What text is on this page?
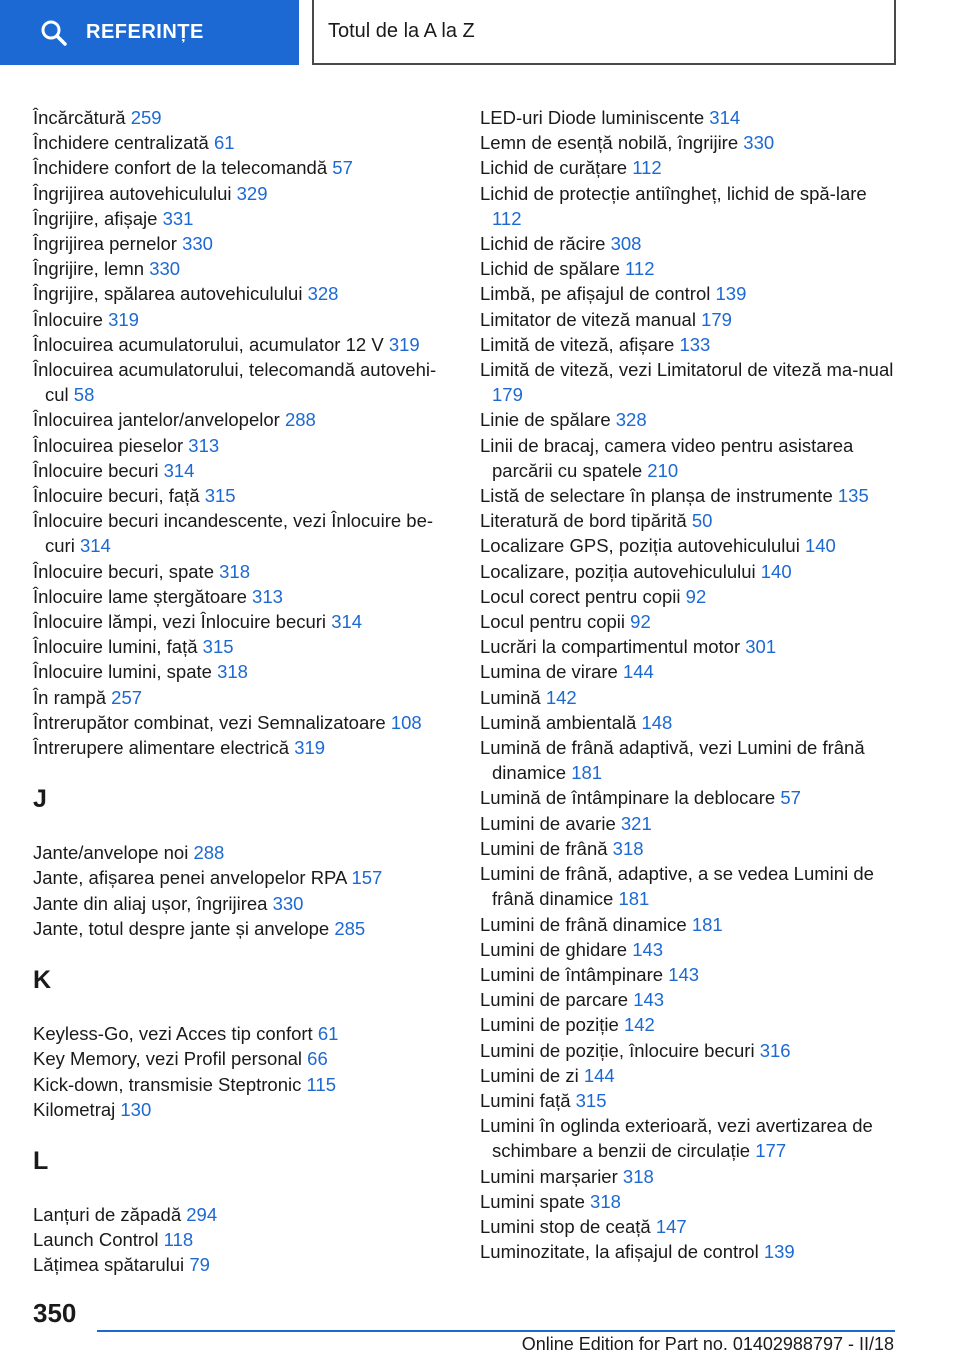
REFERINȚE	Totul de la A la Z
Încărcătură 259
Închidere centralizată 61
Închidere confort de la telecomandă 57
Îngrijirea autovehiculului 329
Îngrijire, afișaje 331
Îngrijirea pernelor 330
Îngrijire, lemn 330
Îngrijire, spălarea autovehiculului 328
Înlocuire 319
Înlocuirea acumulatorului, acumulator 12 V 319
Înlocuirea acumulatorului, telecomandă autovehi‐cul 58
Înlocuirea jantelor/anvelopelor 288
Înlocuirea pieselor 313
Înlocuire becuri 314
Înlocuire becuri, față 315
Înlocuire becuri incandescente, vezi Înlocuire be‐curi 314
Înlocuire becuri, spate 318
Înlocuire lame ștergătoare 313
Înlocuire lămpi, vezi Înlocuire becuri 314
Înlocuire lumini, față 315
Înlocuire lumini, spate 318
În rampă 257
Întrerupător combinat, vezi Semnalizatoare 108
Întrerupere alimentare electrică 319
J
Jante/anvelope noi 288
Jante, afișarea penei anvelopelor RPA 157
Jante din aliaj ușor, îngrijirea 330
Jante, totul despre jante și anvelope 285
K
Keyless-Go, vezi Acces tip confort 61
Key Memory, vezi Profil personal 66
Kick-down, transmisie Steptronic 115
Kilometraj 130
L
Lanțuri de zăpadă 294
Launch Control 118
Lățimea spătarului 79
LED-uri Diode luminiscente 314
Lemn de esență nobilă, îngrijire 330
Lichid de curățare 112
Lichid de protecție antiîngheț, lichid de spă‐lare 112
Lichid de răcire 308
Lichid de spălare 112
Limbă, pe afișajul de control 139
Limitator de viteză manual 179
Limită de viteză, afișare 133
Limită de viteză, vezi Limitatorul de viteză ma‐nual 179
Linie de spălare 328
Linii de bracaj, camera video pentru asistarea parcării cu spatele 210
Listă de selectare în planșa de instrumente 135
Literatură de bord tipărită 50
Localizare GPS, poziția autovehiculului 140
Localizare, poziția autovehiculului 140
Locul corect pentru copii 92
Locul pentru copii 92
Lucrări la compartimentul motor 301
Lumina de virare 144
Lumină 142
Lumină ambientală 148
Lumină de frână adaptivă, vezi Lumini de frână dinamice 181
Lumină de întâmpinare la deblocare 57
Lumini de avarie 321
Lumini de frână 318
Lumini de frână, adaptive, a se vedea Lumini de frână dinamice 181
Lumini de frână dinamice 181
Lumini de ghidare 143
Lumini de întâmpinare 143
Lumini de parcare 143
Lumini de poziție 142
Lumini de poziție, înlocuire becuri 316
Lumini de zi 144
Lumini față 315
Lumini în oglinda exterioară, vezi avertizarea de schimbare a benzii de circulație 177
Lumini marșarier 318
Lumini spate 318
Lumini stop de ceață 147
Luminozitate, la afișajul de control 139
350
Online Edition for Part no. 01402988797 - II/18
